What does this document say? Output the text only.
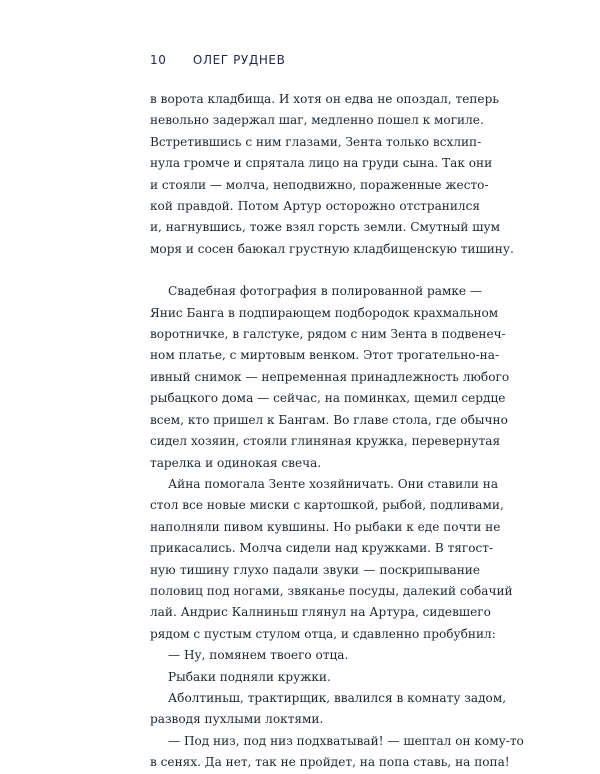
10 ОЛЕГ РУДНЕВ
в ворота кладбища. И хотя он едва не опоздал, теперь
невольно задержал шаг, медленно пошел к могиле.
Встретившись с ним глазами, Зента только всхлип-
нула громче и спрятала лицо на груди сына. Так они
и стояли — молча, неподвижно, пораженные жесто-
кой правдой. Потом Артур осторожно отстранился
и, нагнувшись, тоже взял горсть земли. Смутный шум
моря и сосен баюкал грустную кладбищенскую тишину.
Свадебная фотография в полированной рамке —
Янис Банга в подпирающем подбородок крахмальном
воротничке, в галстуке, рядом с ним Зента в подвенеч-
ном платье, с миртовым венком. Этот трогательно-на-
ивный снимок — непременная принадлежность любого
рыбацкого дома — сейчас, на поминках, щемил сердце
всем, кто пришел к Бангам. Во главе стола, где обычно
сидел хозяин, стояли глиняная кружка, перевернутая
тарелка и одинокая свеча.
Айна помогала Зенте хозяйничать. Они ставили на
стол все новые миски с картошкой, рыбой, подливами,
наполняли пивом кувшины. Но рыбаки к еде почти не
прикасались. Молча сидели над кружками. В тягост-
ную тишину глухо падали звуки — поскрипывание
половиц под ногами, звяканье посуды, далекий собачий
лай. Андрис Калниньш глянул на Артура, сидевшего
рядом с пустым стулом отца, и сдавленно пробубнил:
— Ну, помянем твоего отца.
Рыбаки подняли кружки.
Аболтиньш, трактирщик, ввалился в комнату задом,
разводя пухлыми локтями.
— Под низ, под низ подхватывай! — шептал он кому-то
в сенях. Да нет, так не пройдет, на попа ставь, на попа!
